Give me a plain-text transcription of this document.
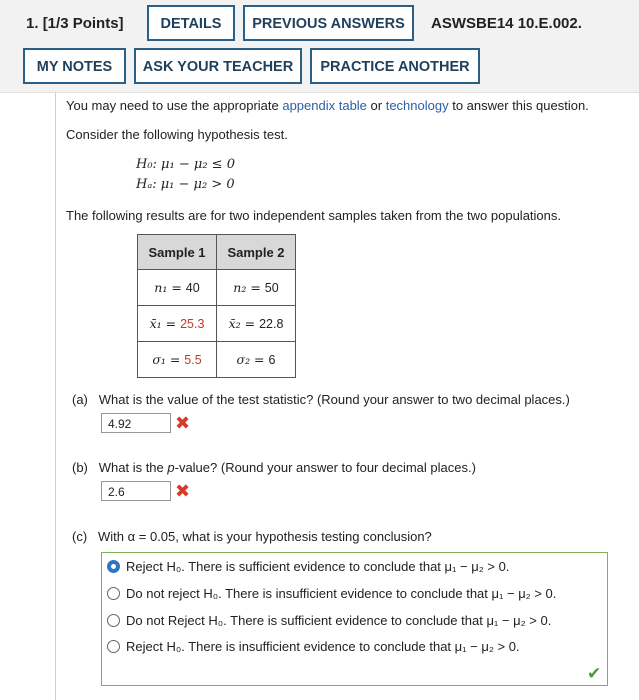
1. [1/3 Points]	DETAILS	PREVIOUS ANSWERS	ASWSBE14 10.E.002.
MY NOTES	ASK YOUR TEACHER	PRACTICE ANOTHER
You may need to use the appropriate appendix table or technology to answer this question.
Consider the following hypothesis test.
H₀: μ₁ − μ₂ ≤ 0
Hₐ: μ₁ − μ₂ > 0
The following results are for two independent samples taken from the two populations.
Sample 1	Sample 2
n₁ = 40	n₂ = 50
x̄₁ = 25.3	x̄₂ = 22.8
σ₁ = 5.5	σ₂ = 6
(a) What is the value of the test statistic? (Round your answer to two decimal places.)
4.92	✖
(b) What is the p-value? (Round your answer to four decimal places.)
2.6	✖
(c) With α = 0.05, what is your hypothesis testing conclusion?
Reject H₀. There is sufficient evidence to conclude that μ₁ − μ₂ > 0.
Do not reject H₀. There is insufficient evidence to conclude that μ₁ − μ₂ > 0.
Do not Reject H₀. There is sufficient evidence to conclude that μ₁ − μ₂ > 0.
Reject H₀. There is insufficient evidence to conclude that μ₁ − μ₂ > 0.
✔
